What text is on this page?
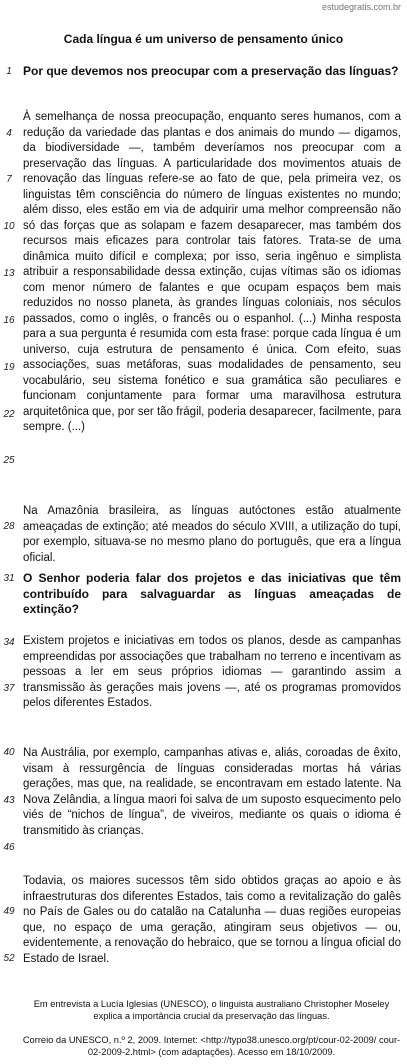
estudegratis.com.br
Cada língua é um universo de pensamento único
1
4
7
10
13
16
19
22
25
28
31
34
37
40
43
46
49
52
Por que devemos nos preocupar com a preservação das línguas?
À semelhança de nossa preocupação, enquanto seres humanos, com a redução da variedade das plantas e dos animais do mundo — digamos, da biodiversidade —, também deveríamos nos preocupar com a preservação das línguas. A particularidade dos movimentos atuais de renovação das línguas refere-se ao fato de que, pela primeira vez, os linguistas têm consciência do número de línguas existentes no mundo; além disso, eles estão em via de adquirir uma melhor compreensão não só das forças que as solapam e fazem desaparecer, mas também dos recursos mais eficazes para controlar tais fatores. Trata-se de uma dinâmica muito difícil e complexa; por isso, seria ingênuo e simplista atribuir a responsabilidade dessa extinção, cujas vítimas são os idiomas com menor número de falantes e que ocupam espaços bem mais reduzidos no nosso planeta, às grandes línguas coloniais, nos séculos passados, como o inglês, o francês ou o espanhol. (...) Minha resposta para a sua pergunta é resumida com esta frase: porque cada língua é um universo, cuja estrutura de pensamento é única. Com efeito, suas associações, suas metáforas, suas modalidades de pensamento, seu vocabulário, seu sistema fonético e sua gramática são peculiares e funcionam conjuntamente para formar uma maravilhosa estrutura arquitetônica que, por ser tão frágil, poderia desaparecer, facilmente, para sempre. (...)
Na Amazônia brasileira, as línguas autóctones estão atualmente ameaçadas de extinção; até meados do século XVIII, a utilização do tupi, por exemplo, situava-se no mesmo plano do português, que era a língua oficial.
O Senhor poderia falar dos projetos e das iniciativas que têm contribuído para salvaguardar as línguas ameaçadas de extinção?
Existem projetos e iniciativas em todos os planos, desde as campanhas empreendidas por associações que trabalham no terreno e incentivam as pessoas a ler em seus próprios idiomas — garantindo assim a transmissão às gerações mais jovens —, até os programas promovidos pelos diferentes Estados.
Na Austrália, por exemplo, campanhas ativas e, aliás, coroadas de êxito, visam à ressurgência de línguas consideradas mortas há várias gerações, mas que, na realidade, se encontravam em estado latente. Na Nova Zelândia, a língua maori foi salva de um suposto esquecimento pelo viés de “nichos de língua”, de viveiros, mediante os quais o idioma é transmitido às crianças.
Todavia, os maiores sucessos têm sido obtidos graças ao apoio e às infraestruturas dos diferentes Estados, tais como a revitalização do galês no País de Gales ou do catalão na Catalunha — duas regiões europeias que, no espaço de uma geração, atingiram seus objetivos — ou, evidentemente, a renovação do hebraico, que se tornou a língua oficial do Estado de Israel.
Em entrevista a Lucía Iglesias (UNESCO), o linguista australiano Christopher Moseley explica a importância crucial da preservação das línguas.
Correio da UNESCO, n.º 2, 2009. Internet: <http://typo38.unesco.org/pt/cour-02-2009/ cour-02-2009-2.html> (com adaptações). Acesso em 18/10/2009.
